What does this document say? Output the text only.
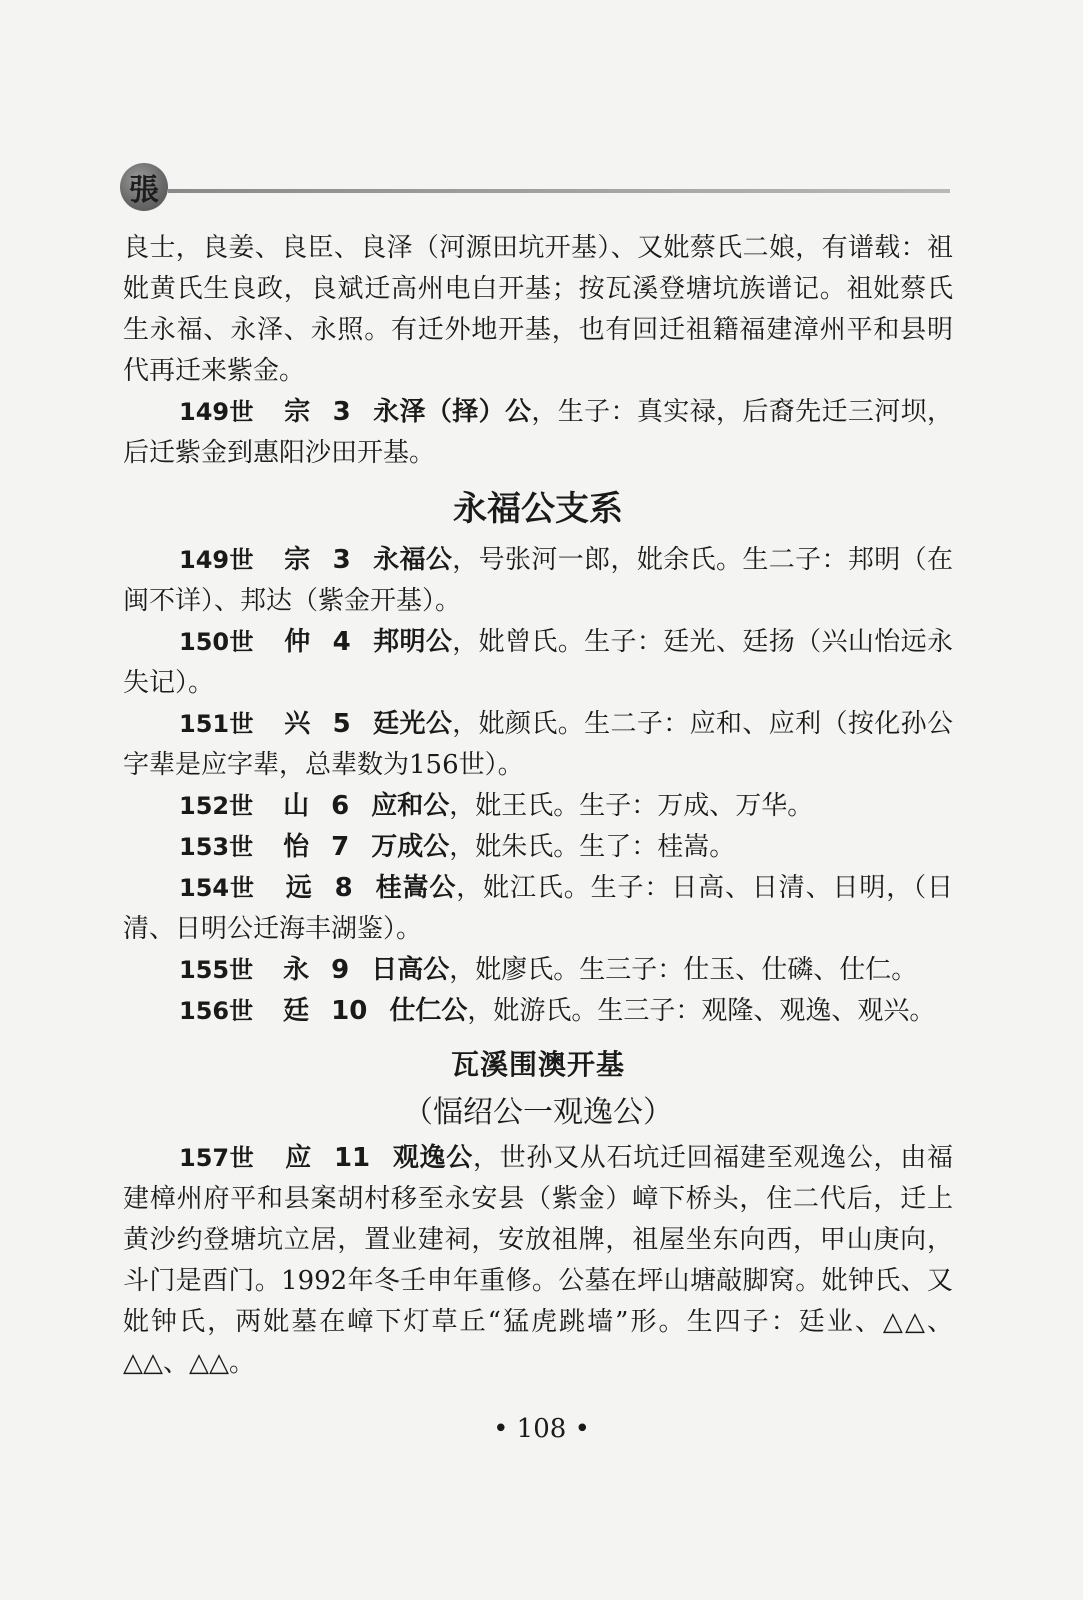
張

良士，良姜、良臣、良泽（河源田坑开基）、又妣蔡氏二娘，有谱载：祖妣黄氏生良政，良斌迁高州电白开基；按瓦溪登塘坑族谱记。祖妣蔡氏生永福、永泽、永照。有迁外地开基，也有回迁祖籍福建漳州平和县明代再迁来紫金。

149世 宗 3 永泽（择）公，生子：真实禄，后裔先迁三河坝，后迁紫金到惠阳沙田开基。

永福公支系

149世 宗 3 永福公，号张河一郎，妣余氏。生二子：邦明（在闽不详）、邦达（紫金开基）。

150世 仲 4 邦明公，妣曾氏。生子：廷光、廷扬（兴山怡远永失记）。

151世 兴 5 廷光公，妣颜氏。生二子：应和、应利（按化孙公字辈是应字辈，总辈数为156世）。

152世 山 6 应和公，妣王氏。生子：万成、万华。

153世 怡 7 万成公，妣朱氏。生了：桂嵩。

154世 远 8 桂嵩公，妣江氏。生子：日高、日清、日明，（日清、日明公迁海丰湖鉴）。

155世 永 9 日高公，妣廖氏。生三子：仕玉、仕磷、仕仁。

156世 廷 10 仕仁公，妣游氏。生三子：观隆、观逸、观兴。

瓦溪围澳开基
（愊绍公一观逸公）

157世 应 11 观逸公，世孙又从石坑迁回福建至观逸公，由福建樟州府平和县案胡村移至永安县（紫金）嶂下桥头，住二代后，迁上黄沙约登塘坑立居，置业建祠，安放祖牌，祖屋坐东向西，甲山庚向，斗门是酉门。1992年冬壬申年重修。公墓在坪山塘敲脚窝。妣钟氏、又妣钟氏，两妣墓在嶂下灯草丘“猛虎跳墙”形。生四子：廷业、△△、△△、△△。

• 108 •
